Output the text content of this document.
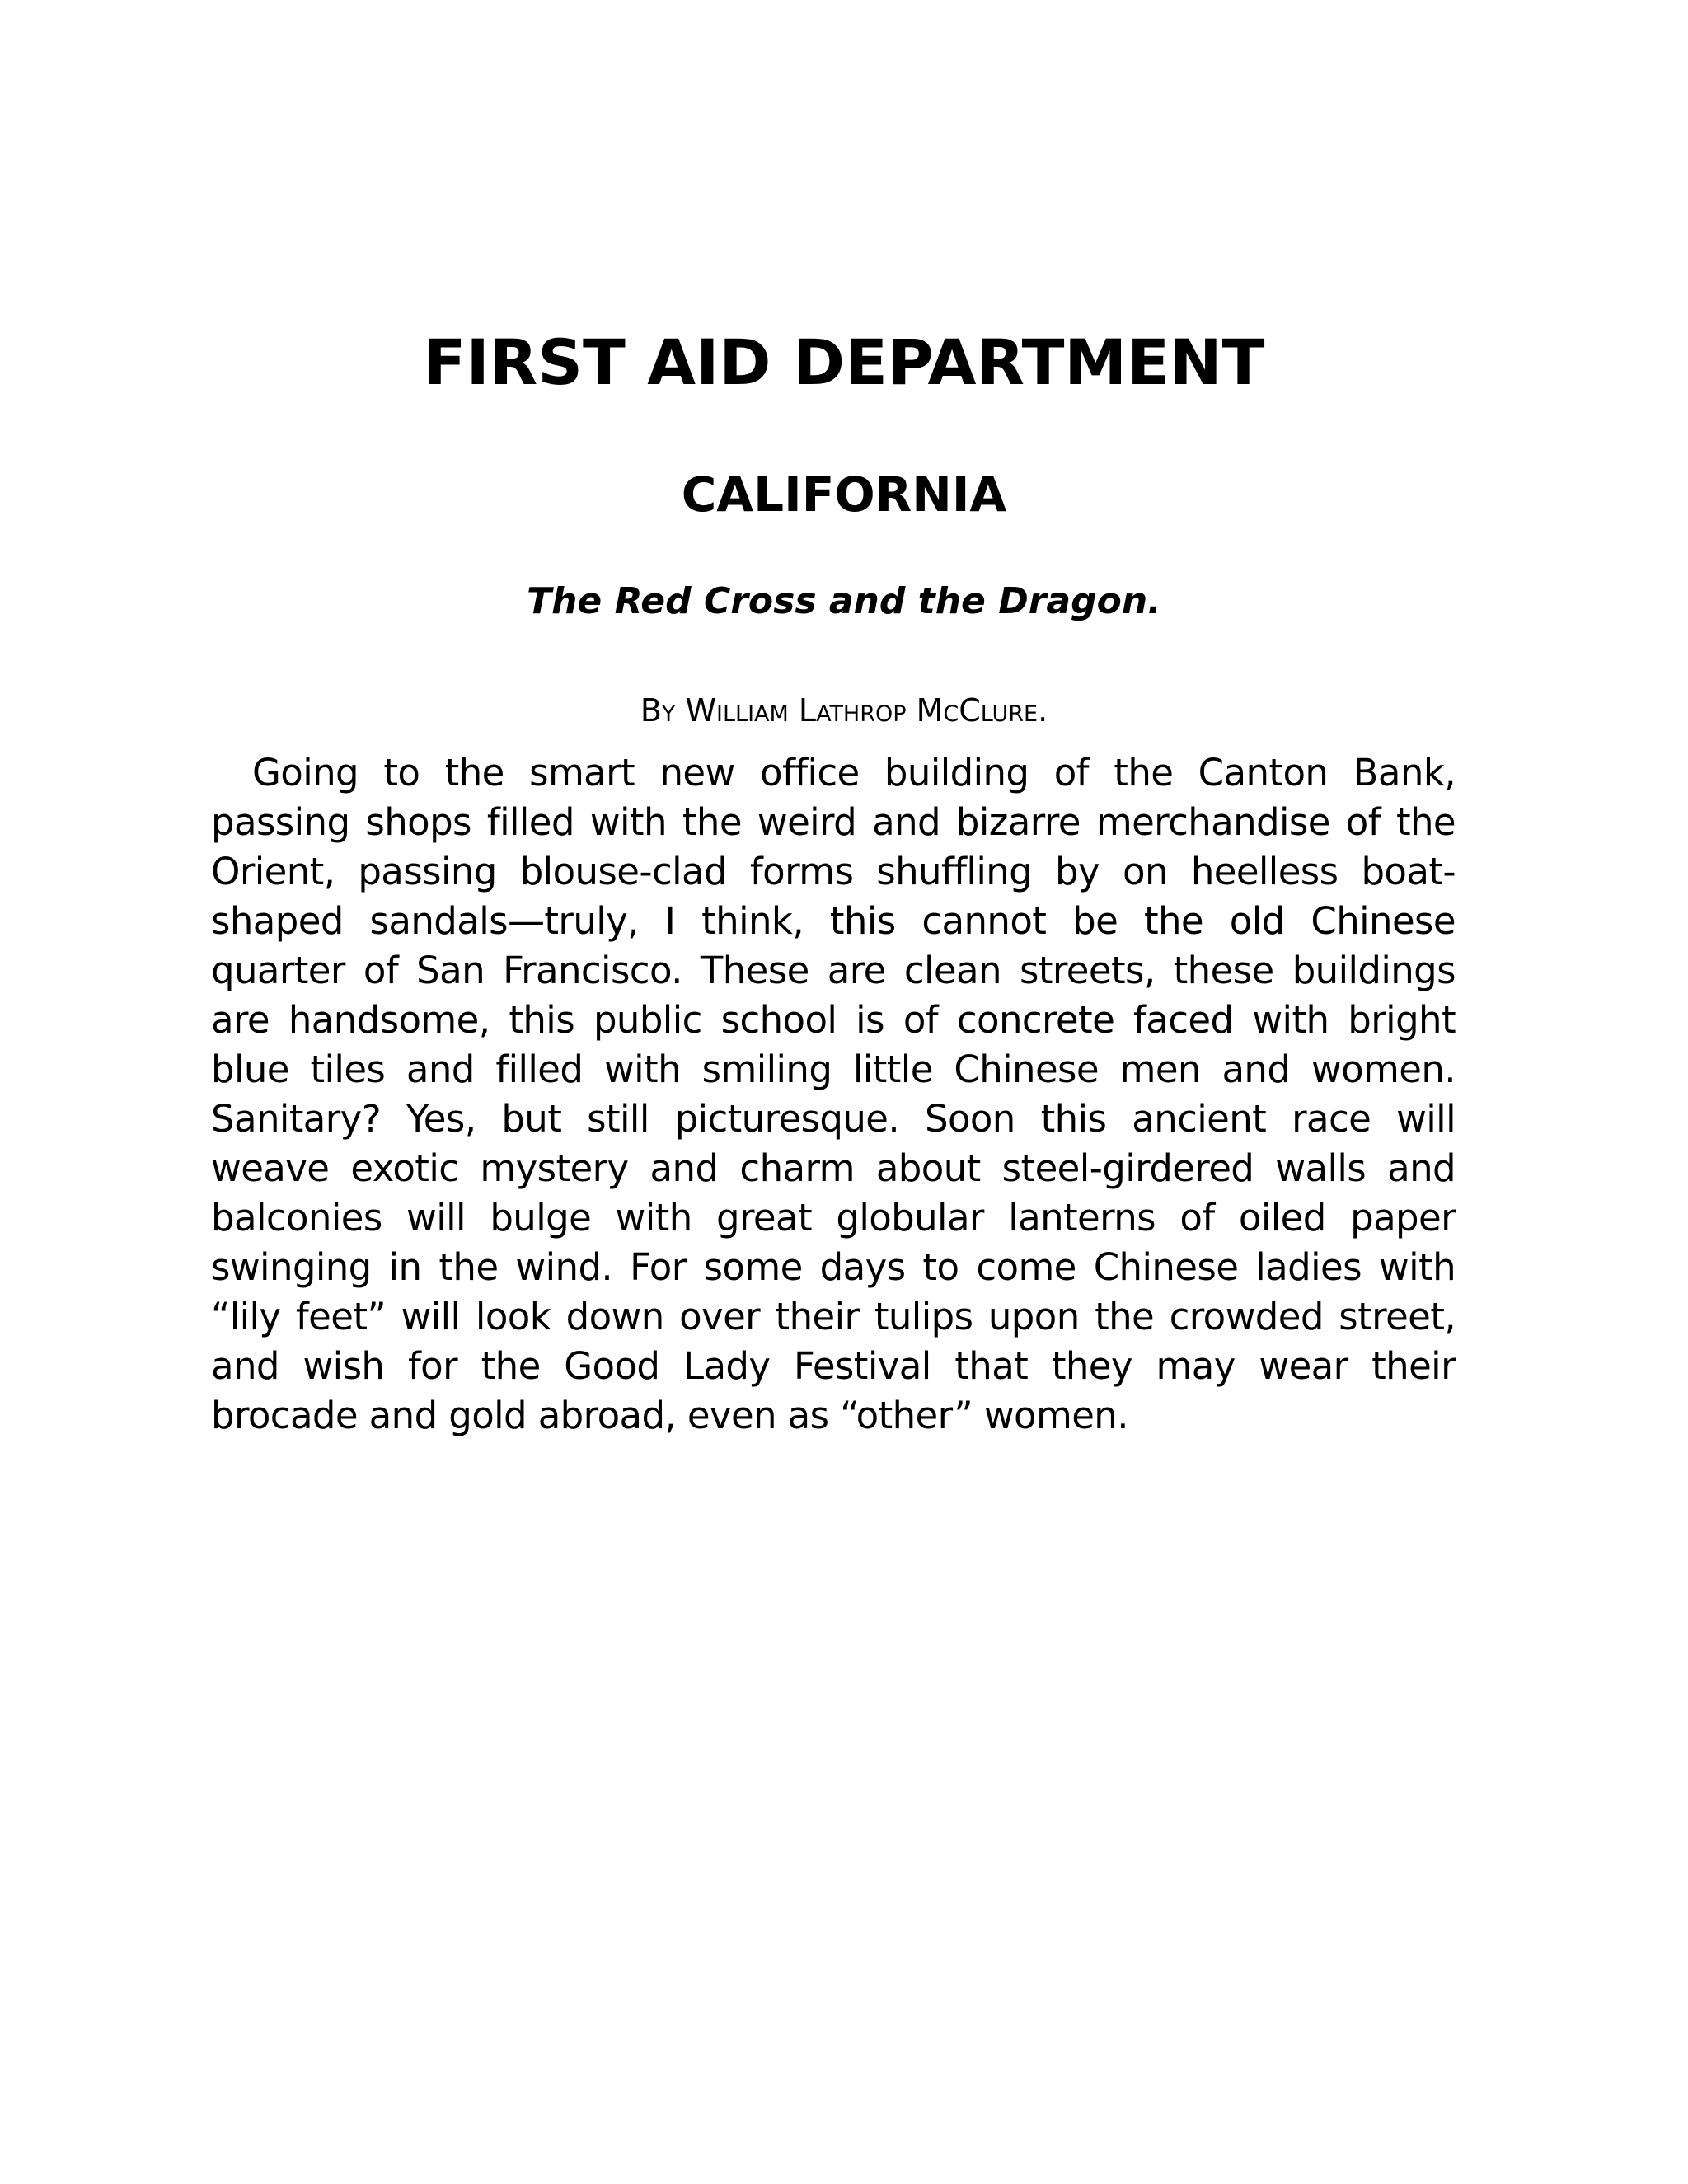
FIRST AID DEPARTMENT
CALIFORNIA
The Red Cross and the Dragon.

By William Lathrop McClure.

Going to the smart new office building of the Canton Bank, passing shops filled with the weird and bizarre merchandise of the Orient, passing blouse-clad forms shuffling by on heelless boat-shaped sandals—truly, I think, this cannot be the old Chinese quarter of San Francisco. These are clean streets, these buildings are handsome, this public school is of concrete faced with bright blue tiles and filled with smiling little Chinese men and women. Sanitary? Yes, but still picturesque. Soon this ancient race will weave exotic mystery and charm about steel-girdered walls and balconies will bulge with great globular lanterns of oiled paper swinging in the wind. For some days to come Chinese ladies with “lily feet” will look down over their tulips upon the crowded street, and wish for the Good Lady Festival that they may wear their brocade and gold abroad, even as “other” women.
